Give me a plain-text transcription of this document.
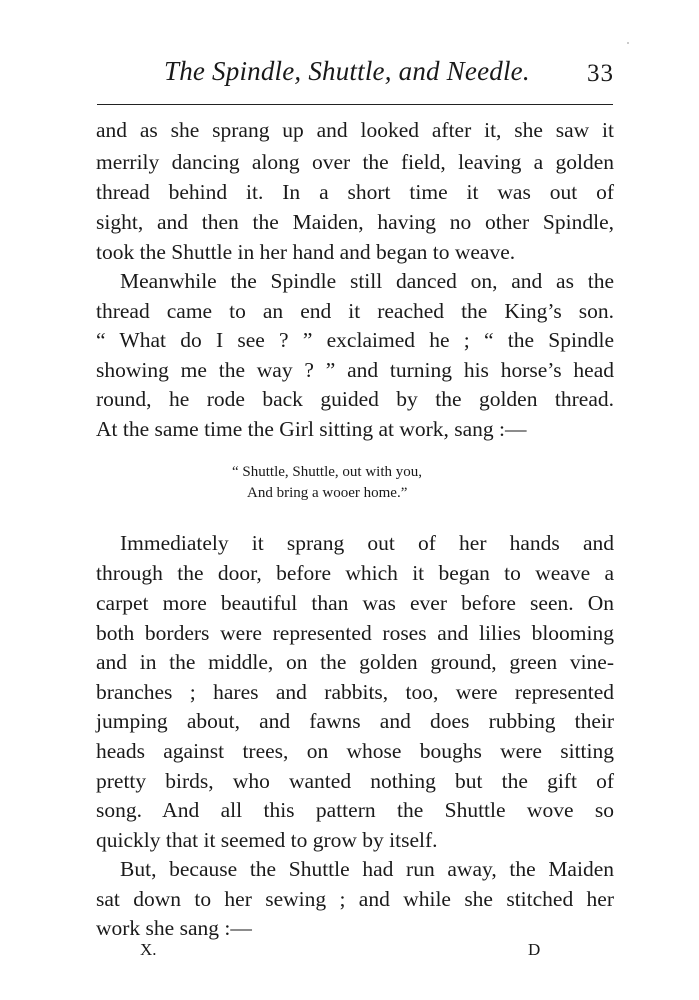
The Spindle, Shuttle, and Needle. 33
and as she sprang up and looked after it, she saw it
merrily dancing along over the field, leaving a golden
thread behind it. In a short time it was out of
sight, and then the Maiden, having no other Spindle,
took the Shuttle in her hand and began to weave.
Meanwhile the Spindle still danced on, and as the
thread came to an end it reached the King’s son.
“ What do I see ? ” exclaimed he ; “ the Spindle
showing me the way ? ” and turning his horse’s head
round, he rode back guided by the golden thread.
At the same time the Girl sitting at work, sang :—
“ Shuttle, Shuttle, out with you,
And bring a wooer home.”
Immediately it sprang out of her hands and
through the door, before which it began to weave a
carpet more beautiful than was ever before seen. On
both borders were represented roses and lilies blooming
and in the middle, on the golden ground, green vine-
branches ; hares and rabbits, too, were represented
jumping about, and fawns and does rubbing their
heads against trees, on whose boughs were sitting
pretty birds, who wanted nothing but the gift of
song. And all this pattern the Shuttle wove so
quickly that it seemed to grow by itself.
But, because the Shuttle had run away, the Maiden
sat down to her sewing ; and while she stitched her
work she sang :—
X.	D
